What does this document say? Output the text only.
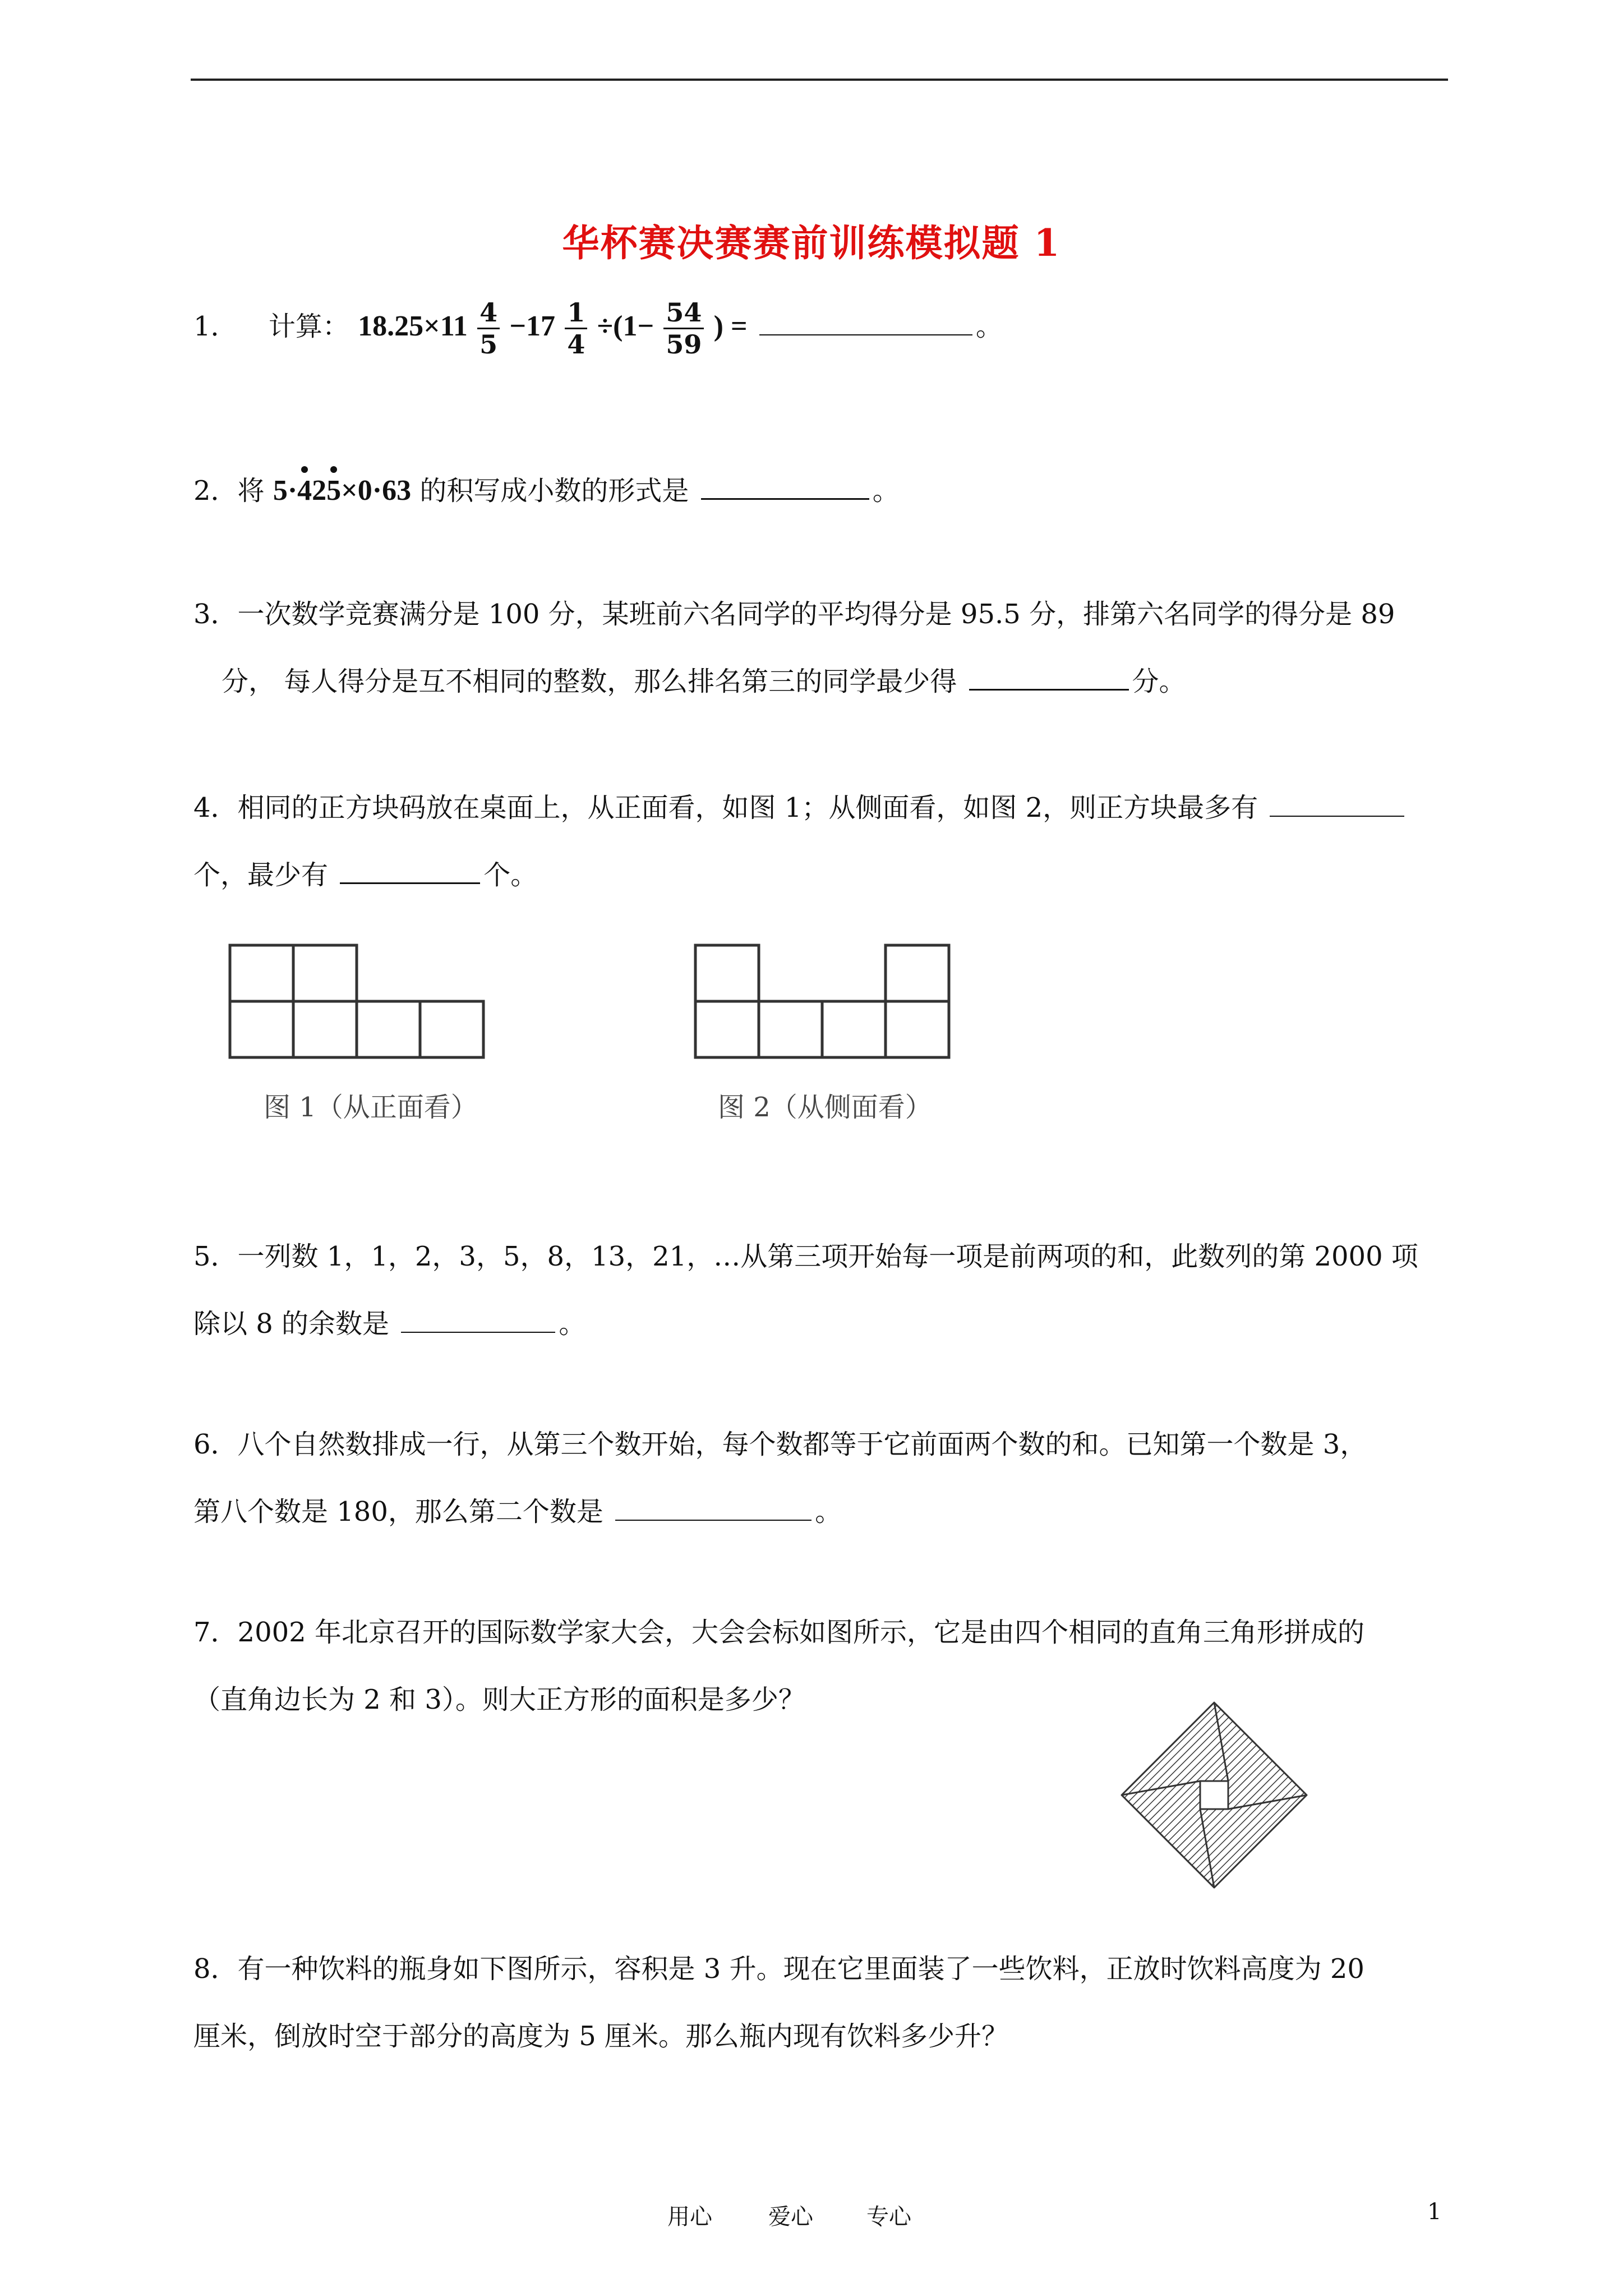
华杯赛决赛赛前训练模拟题 1
1． 计算： $18.25\times 11 \frac{4}{5} -17 \frac{1}{4} \div(1- \frac{54}{59}$ ) =	。
2．将 5·425×0·63 的积写成小数的形式是	。
3．一次数学竞赛满分是 100 分，某班前六名同学的平均得分是 95.5 分，排第六名同学的得分是 89
分， 每人得分是互不相同的整数，那么排名第三的同学最少得	分。
4．相同的正方块码放在桌面上，从正面看，如图 1；从侧面看，如图 2，则正方块最多有
个，最少有	个。
图 1（从正面看）	图 2（从侧面看）
5．一列数 1，1，2，3，5，8，13，21，…从第三项开始每一项是前两项的和，此数列的第 2000 项
除以 8 的余数是	。
6．八个自然数排成一行，从第三个数开始，每个数都等于它前面两个数的和。已知第一个数是 3，
第八个数是 180，那么第二个数是	。
7．2002 年北京召开的国际数学家大会，大会会标如图所示，它是由四个相同的直角三角形拼成的
（直角边长为 2 和 3）。则大正方形的面积是多少？
8．有一种饮料的瓶身如下图所示，容积是 3 升。现在它里面装了一些饮料，正放时饮料高度为 20
厘米，倒放时空于部分的高度为 5 厘米。那么瓶内现有饮料多少升？
用心	爱心 专心	1
